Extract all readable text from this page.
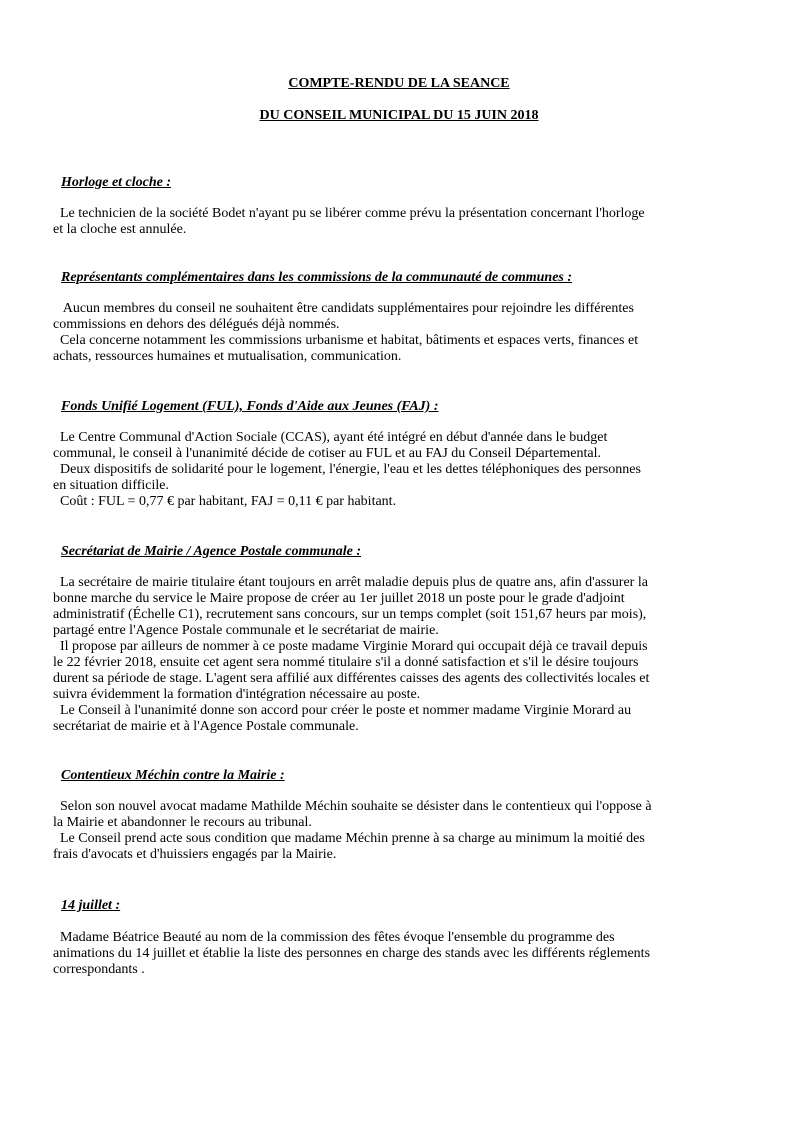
COMPTE-RENDU DE LA SEANCE
DU CONSEIL MUNICIPAL DU 15 JUIN 2018
Horloge et cloche :
Le technicien de la société Bodet n'ayant pu se libérer comme prévu la présentation concernant l'horloge
et la cloche est annulée.
Représentants complémentaires dans les commissions de la communauté de communes :
Aucun membres du conseil ne souhaitent être candidats supplémentaires pour rejoindre les différentes
commissions en dehors des délégués déjà nommés.
Cela concerne notamment les commissions urbanisme et habitat, bâtiments et espaces verts, finances et
achats, ressources humaines et mutualisation, communication.
Fonds Unifié Logement (FUL), Fonds d'Aide aux Jeunes (FAJ) :
Le Centre Communal d'Action Sociale (CCAS), ayant été intégré en début d'année dans le budget
communal, le conseil à l'unanimité décide de cotiser au FUL et au FAJ du Conseil Départemental.
Deux dispositifs de solidarité pour le logement, l'énergie, l'eau et les dettes téléphoniques des personnes
en situation difficile.
Coût : FUL = 0,77 € par habitant, FAJ = 0,11 € par habitant.
Secrétariat de Mairie / Agence Postale communale :
La secrétaire de mairie titulaire étant toujours en arrêt maladie depuis plus de quatre ans, afin d'assurer la
bonne marche du service le Maire propose de créer au 1er juillet 2018 un poste pour le grade d'adjoint
administratif (Échelle C1), recrutement sans concours, sur un temps complet (soit 151,67 heurs par mois),
partagé entre l'Agence Postale communale et le secrétariat de mairie.
Il propose par ailleurs de nommer à ce poste madame Virginie Morard qui occupait déjà ce travail depuis
le 22 février 2018, ensuite cet agent sera nommé titulaire s'il a donné satisfaction et s'il le désire toujours
durent sa période de stage. L'agent sera affilié aux différentes caisses des agents des collectivités locales et
suivra évidemment la formation d'intégration nécessaire au poste.
Le Conseil à l'unanimité donne son accord pour créer le poste et nommer madame Virginie Morard au
secrétariat de mairie et à l'Agence Postale communale.
Contentieux Méchin contre la Mairie :
Selon son nouvel avocat madame Mathilde Méchin souhaite se désister dans le contentieux qui l'oppose à
la Mairie et abandonner le recours au tribunal.
Le Conseil prend acte sous condition que madame Méchin prenne à sa charge au minimum la moitié des
frais d'avocats et d'huissiers engagés par la Mairie.
14 juillet :
Madame Béatrice Beauté au nom de la commission des fêtes évoque l'ensemble du programme des
animations du 14 juillet et établie la liste des personnes en charge des stands avec les différents réglements
correspondants .
